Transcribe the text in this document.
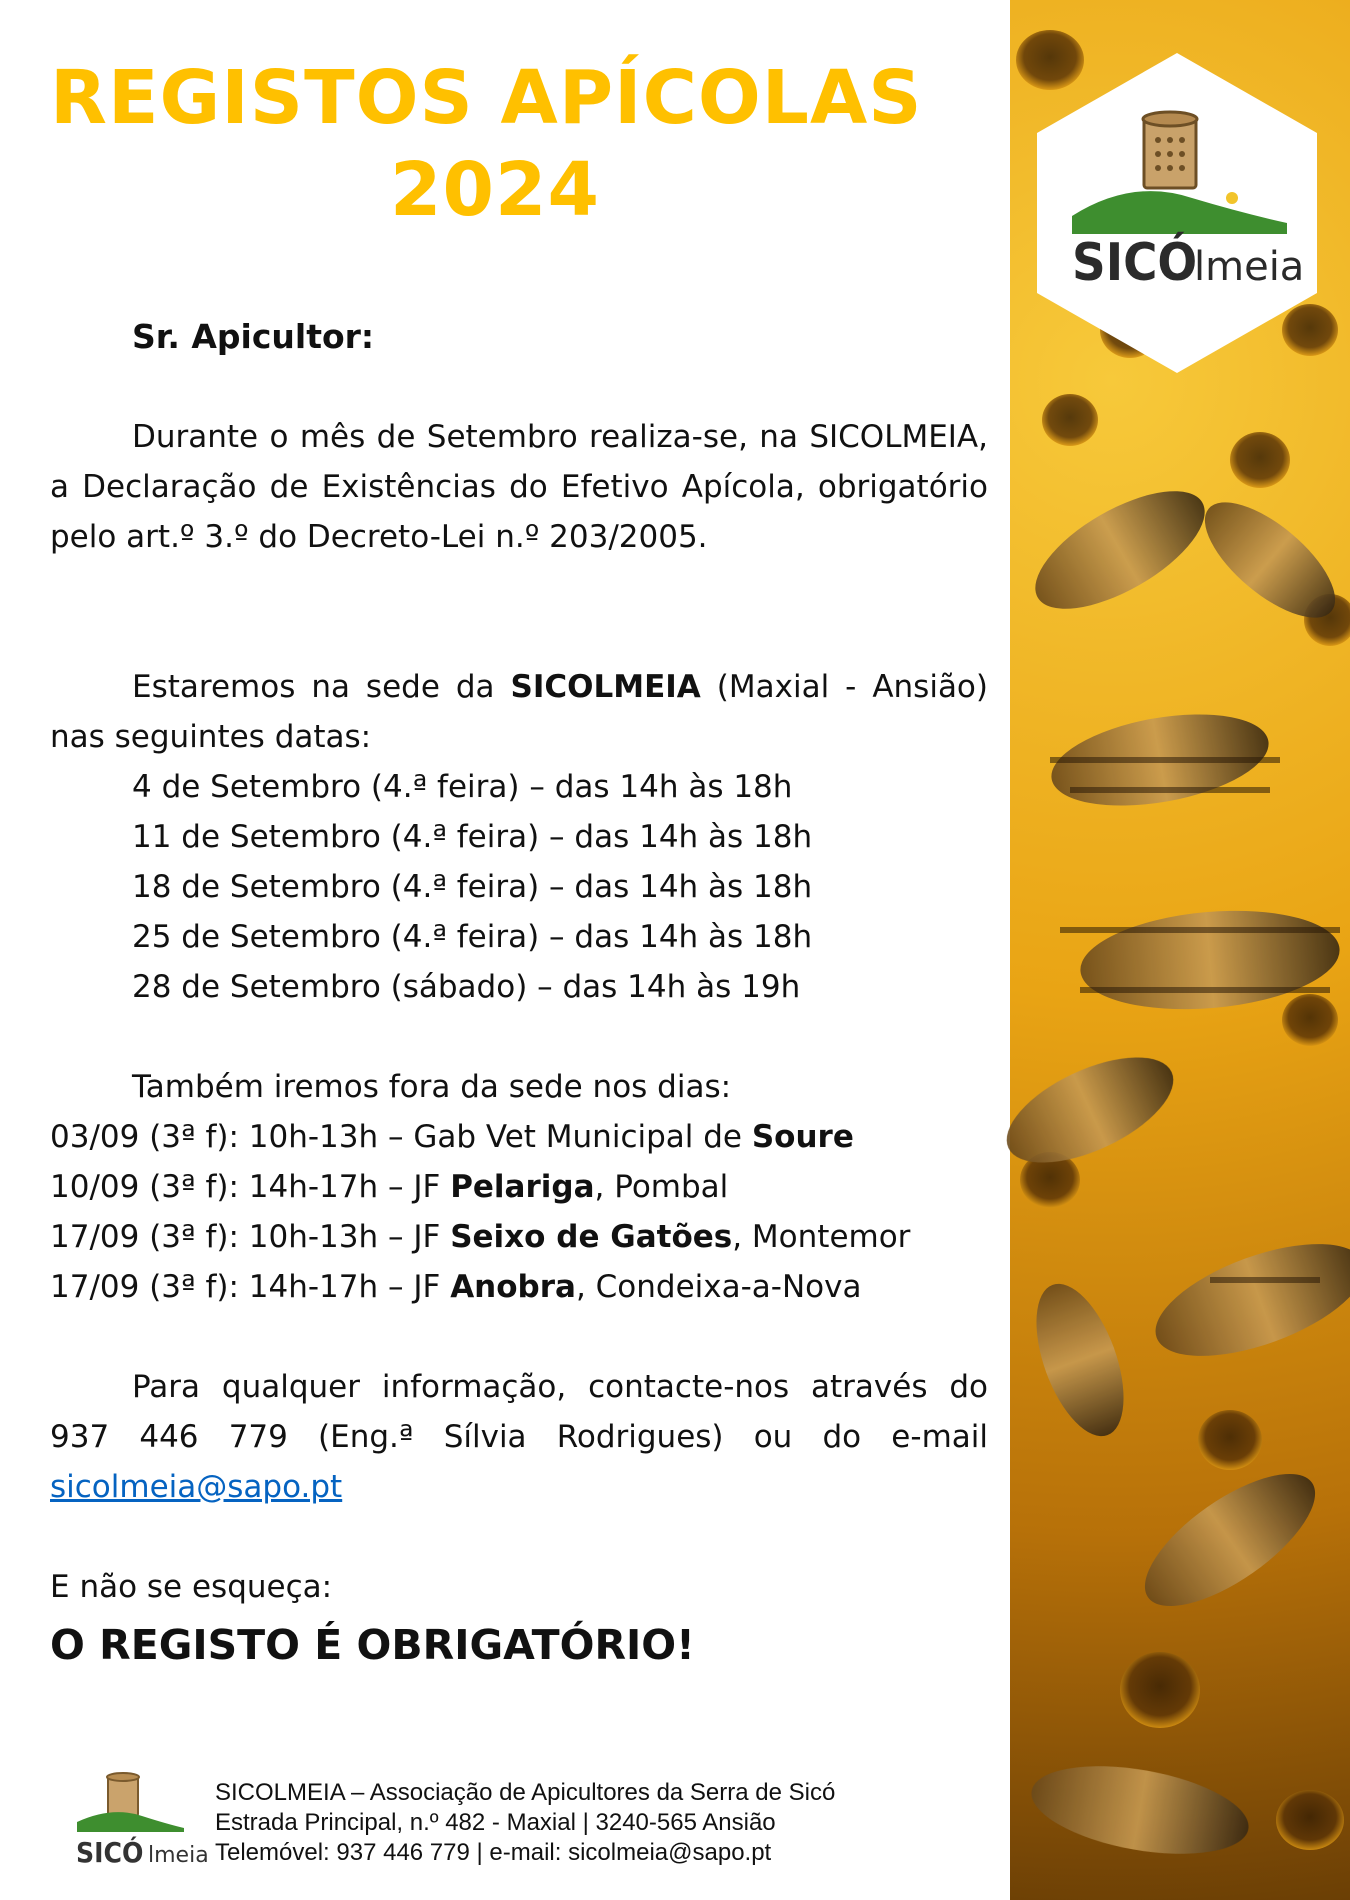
REGISTOS APÍCOLAS
2024
Sr. Apicultor:
Durante o mês de Setembro realiza-se, na SICOLMEIA, a Declaração de Existências do Efetivo Apícola, obrigatório pelo art.º 3.º do Decreto-Lei n.º 203/2005.
Estaremos na sede da SICOLMEIA (Maxial - Ansião) nas seguintes datas:
4 de Setembro (4.ª feira) – das 14h às 18h
11 de Setembro (4.ª feira) – das 14h às 18h
18 de Setembro (4.ª feira) – das 14h às 18h
25 de Setembro (4.ª feira) – das 14h às 18h
28 de Setembro (sábado) – das 14h às 19h
Também iremos fora da sede nos dias:
03/09 (3ª f): 10h-13h – Gab Vet Municipal de Soure
10/09 (3ª f): 14h-17h – JF Pelariga, Pombal
17/09 (3ª f): 10h-13h – JF Seixo de Gatões, Montemor
17/09 (3ª f): 14h-17h – JF Anobra, Condeixa-a-Nova
Para qualquer informação, contacte-nos através do 937 446 779 (Eng.ª Sílvia Rodrigues) ou do e-mail sicolmeia@sapo.pt
E não se esqueça:
O REGISTO É OBRIGATÓRIO!
SICÓ lmeia
SICOLMEIA – Associação de Apicultores da Serra de Sicó
Estrada Principal, n.º 482 - Maxial | 3240-565 Ansião
Telemóvel: 937 446 779 | e-mail: sicolmeia@sapo.pt
SICÓ
lmeia
